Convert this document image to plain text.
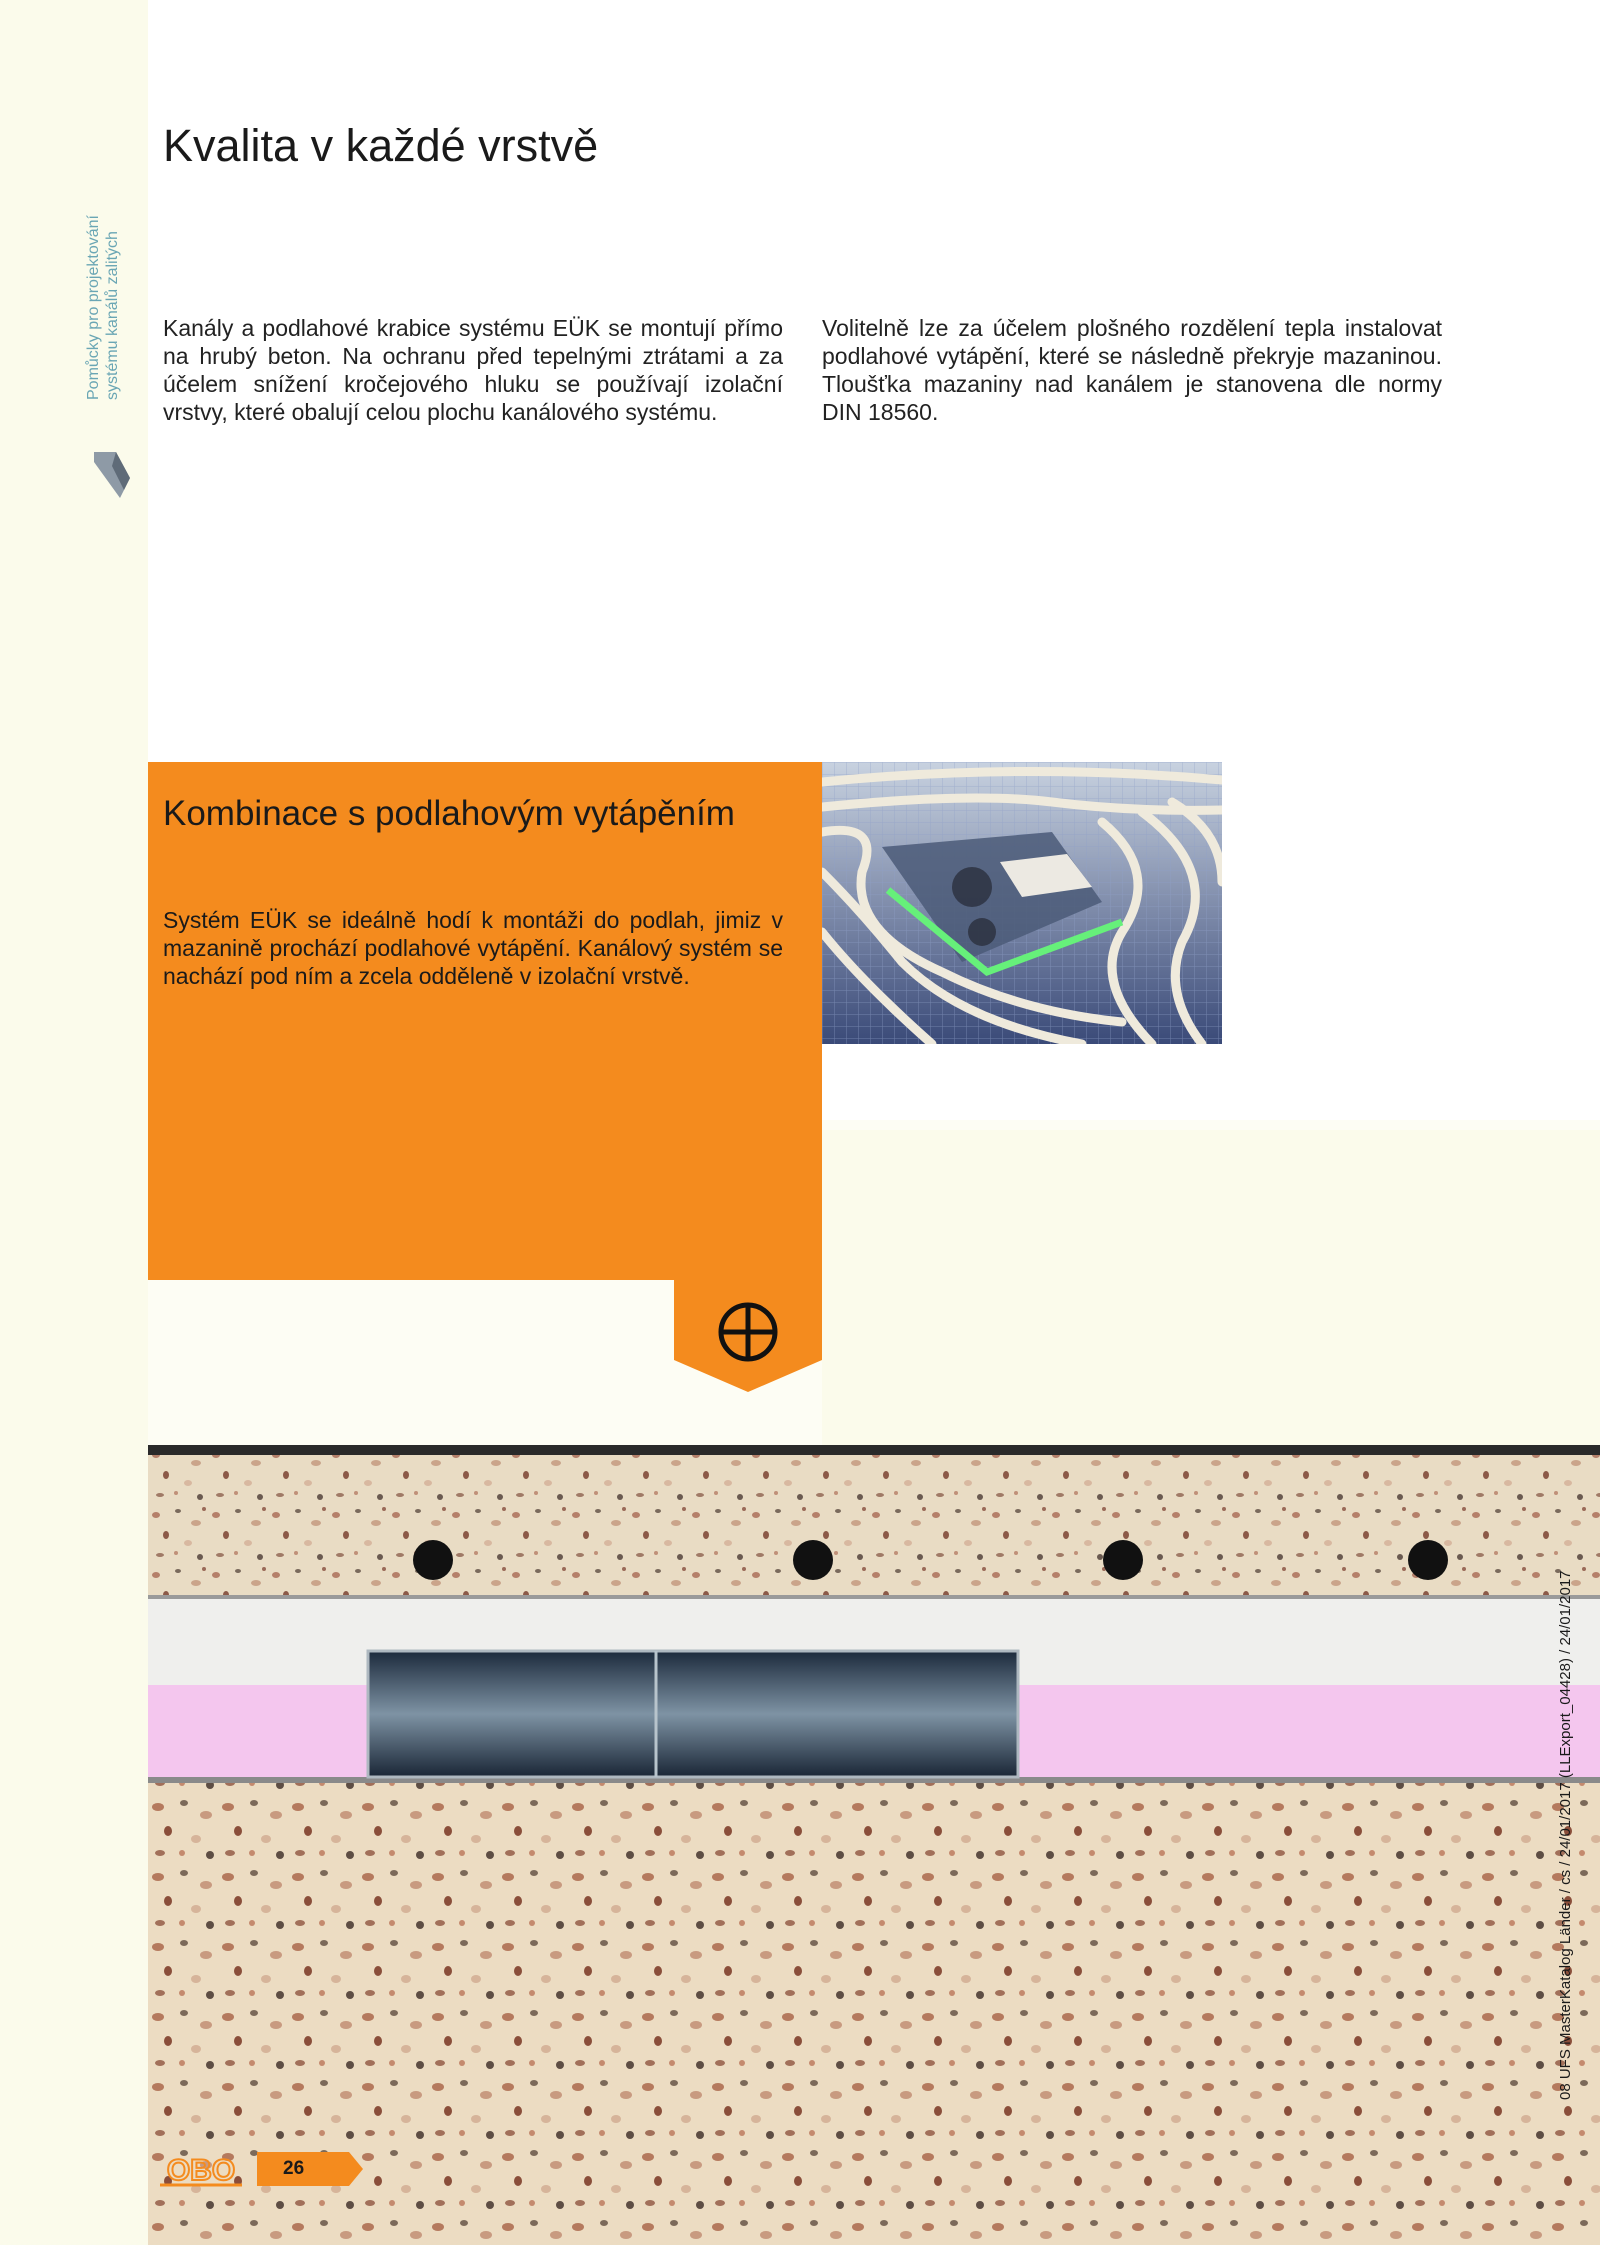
Pomůcky pro projektování systému kanálů zalitých
Kvalita v každé vrstvě

Kanály a podlahové krabice systému EÜK se montují přímo na hrubý beton. Na ochranu před tepelnými ztrátami a za účelem snížení kročejového hluku se používají izolační vrstvy, které obalují celou plochu kanálového systému.

Volitelně lze za účelem plošného rozdělení tepla instalovat podlahové vytápění, které se následně překryje mazaninou. Tloušťka mazaniny nad kanálem je stanovena dle normy DIN 18560.

Kombinace s podlahovým vytápěním

Systém EÜK se ideálně hodí k montáži do podlah, jimiz v mazanině prochází podlahové vytápění. Kanálový systém se nachází pod ním a zcela odděleně v izolační vrstvě.

08 UFS MasterKatalog Länder / cs / 24/01/2017 (LLExport_04428) / 24/01/2017
OBO	26
